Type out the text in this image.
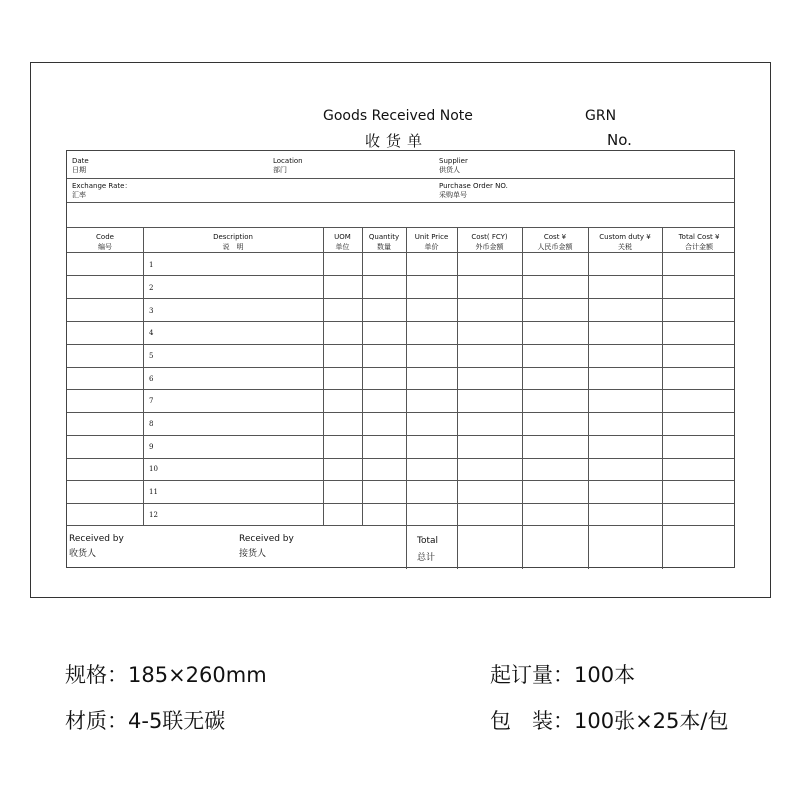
Goods Received Note
收货单
GRN
No.
Date
日期
Location
部门
Supplier
供货人
Exchange Rate：
汇率
Purchase Order NO.
采购单号
Code
编号
Description
说　明
UOM
单位
Quantity
数量
Unit Price
单价
Cost( FCY)
外币金额
Cost ¥
人民币金额
Custom duty ¥
关税
Total Cost ¥
合计金额
1
2
3
4
5
6
7
8
9
10
11
12
Received by
收货人
Received by
接货人
Total
总计
规格：185×260mm	起订量：100本
材质：4-5联无碳	包　装：100张×25本/包
